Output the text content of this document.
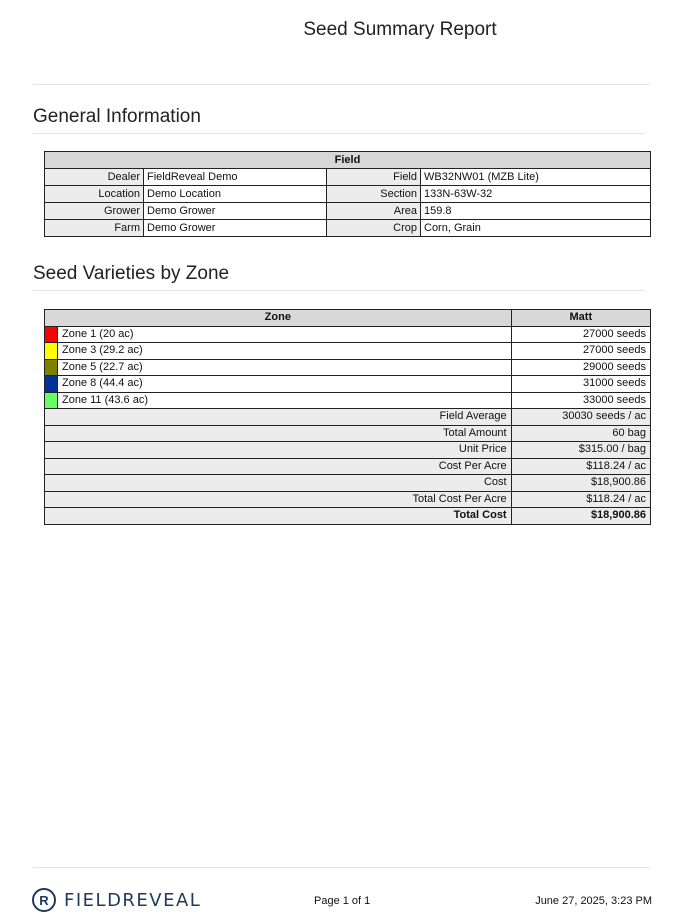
Seed Summary Report
General Information
Field			
Dealer	FieldReveal Demo	Field	WB32NW01 (MZB Lite)
Location	Demo Location	Section	133N-63W-32
Grower	Demo Grower	Area	159.8
Farm	Demo Grower	Crop	Corn, Grain
Seed Varieties by Zone
Zone		Matt
	Zone 1 (20 ac)	27000 seeds
	Zone 3 (29.2 ac)	27000 seeds
	Zone 5 (22.7 ac)	29000 seeds
	Zone 8 (44.4 ac)	31000 seeds
	Zone 11 (43.6 ac)	33000 seeds
Field Average		30030 seeds / ac
Total Amount		60 bag
Unit Price		$315.00 / bag
Cost Per Acre		$118.24 / ac
Cost		$18,900.86
Total Cost Per Acre		$118.24 / ac
Total Cost		$18,900.86
R FIELDREVEAL	Page 1 of 1	June 27, 2025, 3:23 PM
